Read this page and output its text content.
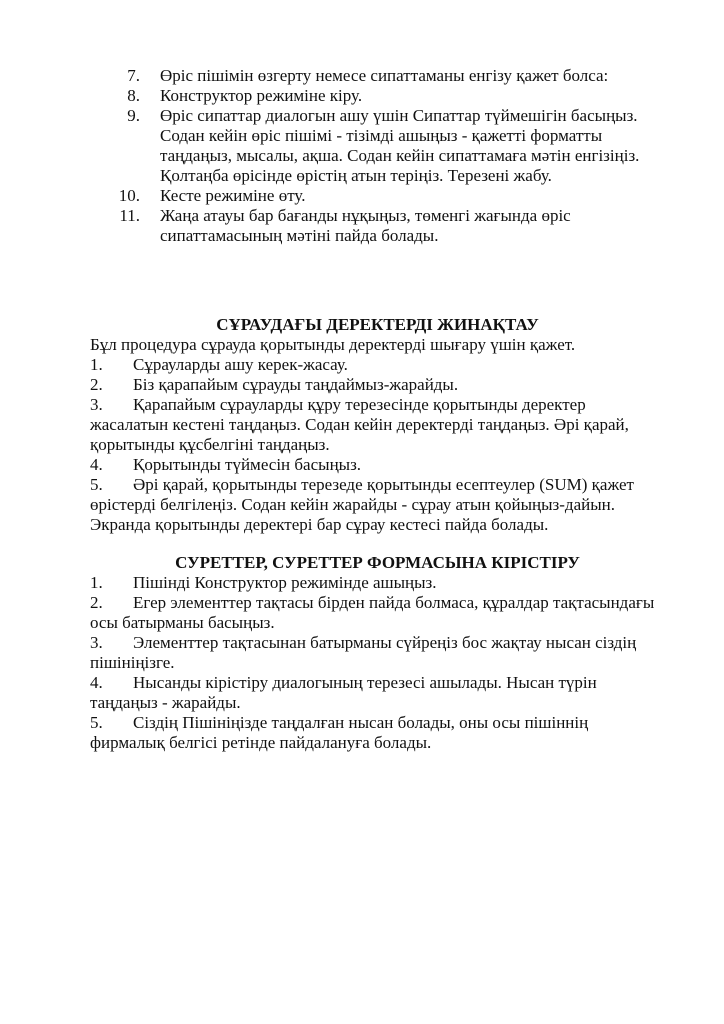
7. Өріс пішімін өзгерту немесе сипаттаманы енгізу қажет болса:
8. Конструктор режиміне кіру.
9. Өріс сипаттар диалогын ашу үшін Сипаттар түймешігін басыңыз.
Содан кейін өріс пішімі - тізімді ашыңыз - қажетті форматты
таңдаңыз, мысалы, ақша. Содан кейін сипаттамаға мәтін енгізіңіз.
Қолтаңба өрісінде өрістің атын теріңіз. Терезені жабу.
10. Кесте режиміне өту.
11. Жаңа атауы бар бағанды нұқыңыз, төменгі жағында өріс
сипаттамасының мәтіні пайда болады.
СҰРАУДАҒЫ ДЕРЕКТЕРДІ ЖИНАҚТАУ
Бұл процедура сұрауда қорытынды деректерді шығару үшін қажет.
1. Сұрауларды ашу керек-жасау.
2. Біз қарапайым сұрауды таңдаймыз-жарайды.
3. Қарапайым сұрауларды құру терезесінде қорытынды деректер
жасалатын кестені таңдаңыз. Содан кейін деректерді таңдаңыз. Әрі қарай,
қорытынды құсбелгіні таңдаңыз.
4. Қорытынды түймесін басыңыз.
5. Әрі қарай, қорытынды терезеде қорытынды есептеулер (SUM) қажет
өрістерді белгілеңіз. Содан кейін жарайды - сұрау атын қойыңыз-дайын.
Экранда қорытынды деректері бар сұрау кестесі пайда болады.
СУРЕТТЕР, СУРЕТТЕР ФОРМАСЫНА КІРІСТІРУ
1. Пішінді Конструктор режимінде ашыңыз.
2. Егер элементтер тақтасы бірден пайда болмаса, құралдар тақтасындағы
осы батырманы басыңыз.
3. Элементтер тақтасынан батырманы сүйреңіз бос жақтау нысан сіздің
пішініңізге.
4. Нысанды кірістіру диалогының терезесі ашылады. Нысан түрін
таңдаңыз - жарайды.
5. Сіздің Пішініңізде таңдалған нысан болады, оны осы пішіннің
фирмалық белгісі ретінде пайдалануға болады.
